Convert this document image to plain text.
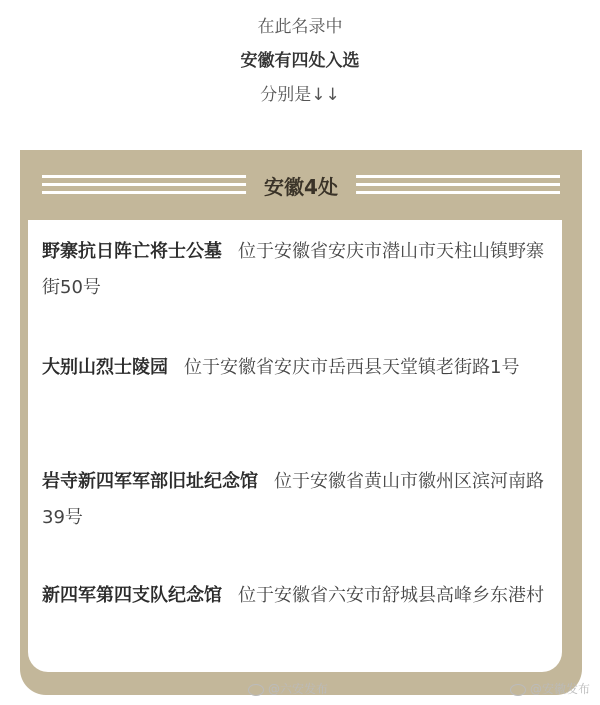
在此名录中
安徽有四处入选
分别是↓↓
安徽4处
野寨抗日阵亡将士公墓 位于安徽省安庆市潜山市天柱山镇野寨街50号
大别山烈士陵园 位于安徽省安庆市岳西县天堂镇老街路1号
岩寺新四军军部旧址纪念馆 位于安徽省黄山市徽州区滨河南路39号
新四军第四支队纪念馆 位于安徽省六安市舒城县高峰乡东港村
@六安发布	@安徽发布
